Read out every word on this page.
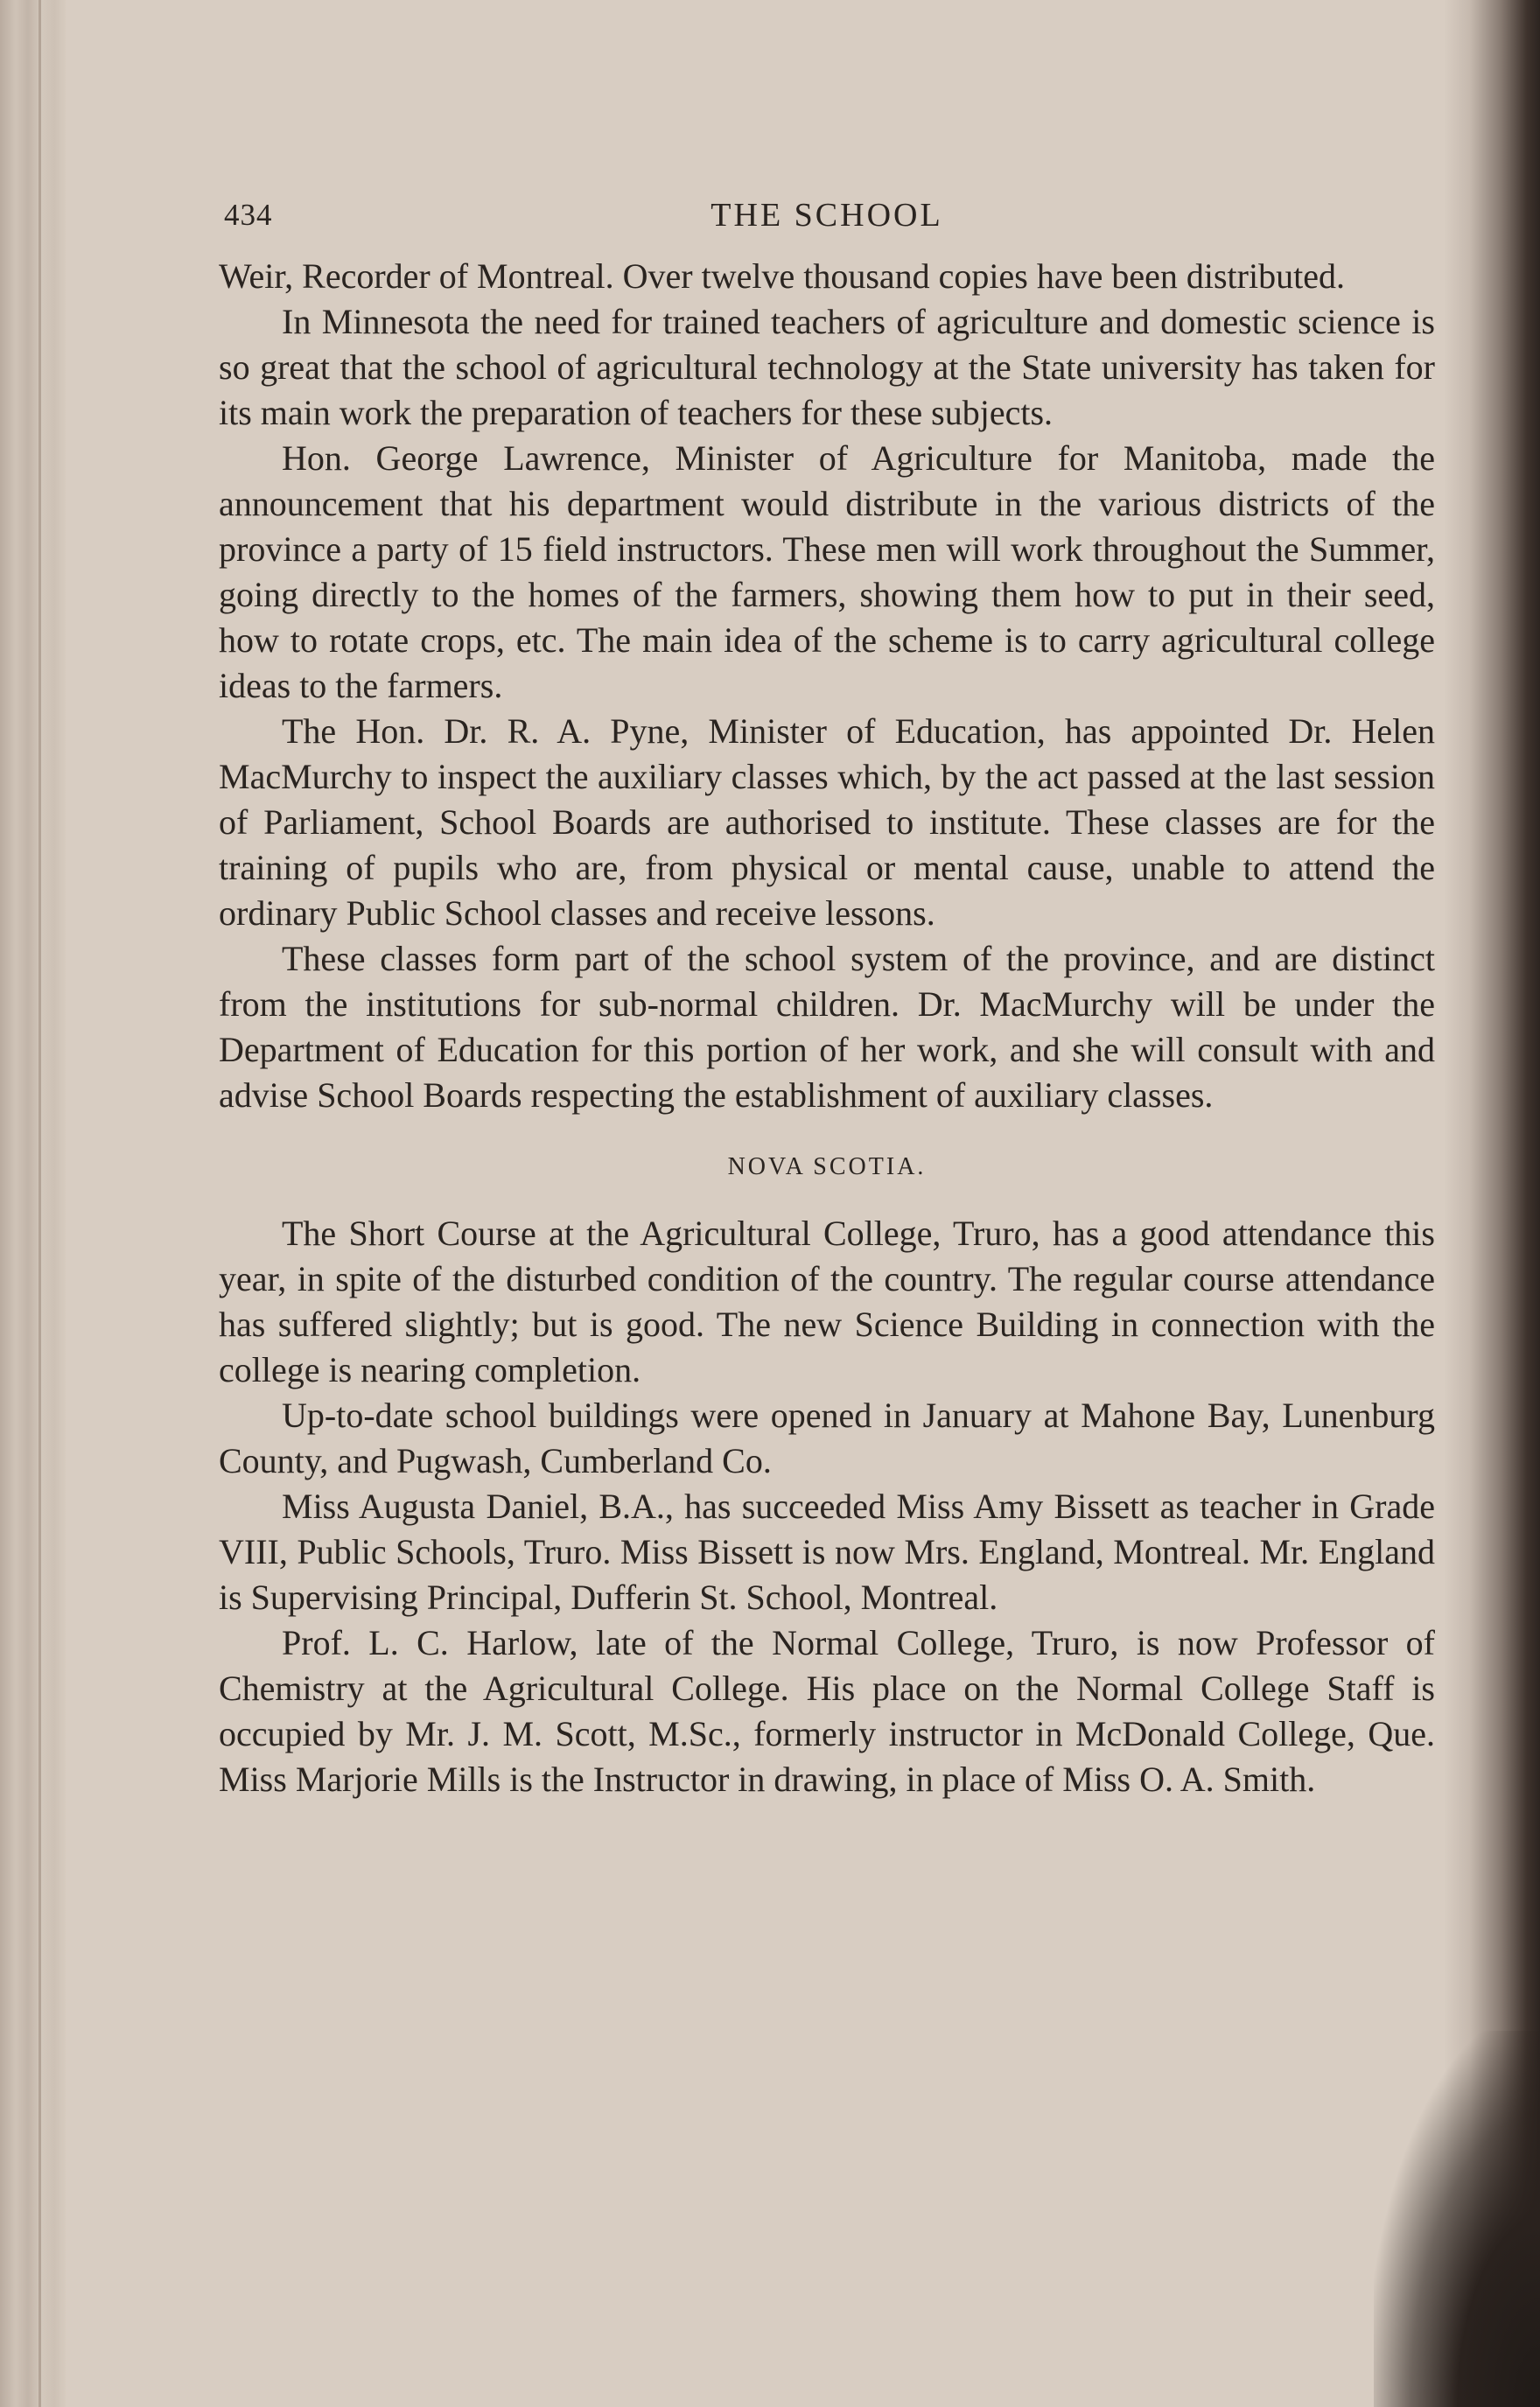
434	THE SCHOOL

Weir, Recorder of Montreal. Over twelve thousand copies have been distributed.

In Minnesota the need for trained teachers of agriculture and domestic science is so great that the school of agricultural technology at the State university has taken for its main work the preparation of teachers for these subjects.

Hon. George Lawrence, Minister of Agriculture for Manitoba, made the announcement that his department would distribute in the various districts of the province a party of 15 field instructors. These men will work throughout the Summer, going directly to the homes of the farmers, showing them how to put in their seed, how to rotate crops, etc. The main idea of the scheme is to carry agricultural college ideas to the farmers.

The Hon. Dr. R. A. Pyne, Minister of Education, has appointed Dr. Helen MacMurchy to inspect the auxiliary classes which, by the act passed at the last session of Parliament, School Boards are authorised to institute. These classes are for the training of pupils who are, from physical or mental cause, unable to attend the ordinary Public School classes and receive lessons.

These classes form part of the school system of the province, and are distinct from the institutions for sub-normal children. Dr. MacMurchy will be under the Department of Education for this portion of her work, and she will consult with and advise School Boards respecting the establishment of auxiliary classes.

NOVA SCOTIA.

The Short Course at the Agricultural College, Truro, has a good attendance this year, in spite of the disturbed condition of the country. The regular course attendance has suffered slightly; but is good. The new Science Building in connection with the college is nearing completion.

Up-to-date school buildings were opened in January at Mahone Bay, Lunenburg County, and Pugwash, Cumberland Co.

Miss Augusta Daniel, B.A., has succeeded Miss Amy Bissett as teacher in Grade VIII, Public Schools, Truro. Miss Bissett is now Mrs. England, Montreal. Mr. England is Supervising Principal, Dufferin St. School, Montreal.

Prof. L. C. Harlow, late of the Normal College, Truro, is now Professor of Chemistry at the Agricultural College. His place on the Normal College Staff is occupied by Mr. J. M. Scott, M.Sc., formerly instructor in McDonald College, Que. Miss Marjorie Mills is the Instructor in drawing, in place of Miss O. A. Smith.
